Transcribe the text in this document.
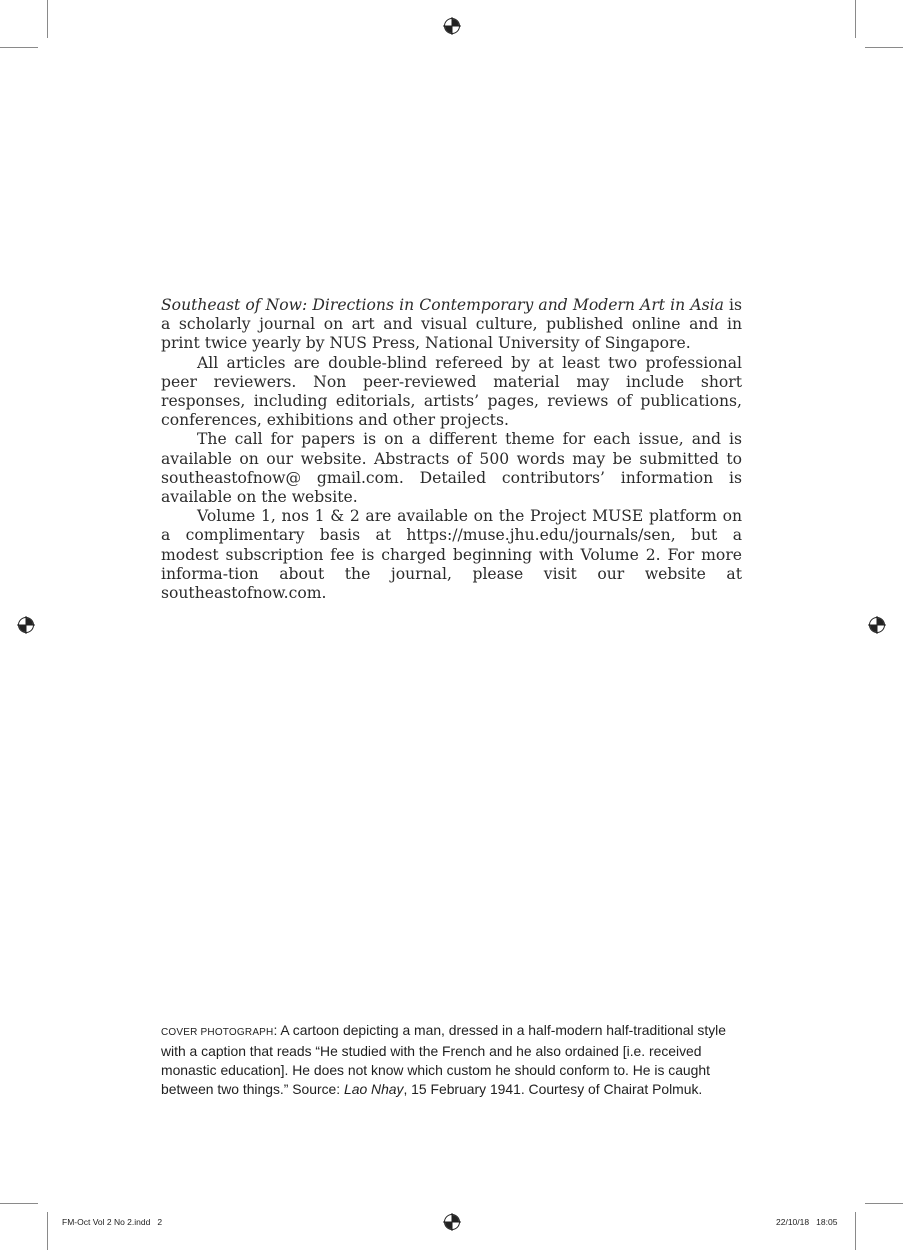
Southeast of Now: Directions in Contemporary and Modern Art in Asia is a scholarly journal on art and visual culture, published online and in print twice yearly by NUS Press, National University of Singapore.

All articles are double-blind refereed by at least two professional peer reviewers. Non peer-reviewed material may include short responses, including editorials, artists’ pages, reviews of publications, conferences, exhibitions and other projects.

The call for papers is on a different theme for each issue, and is available on our website. Abstracts of 500 words may be submitted to southeastofnow@ gmail.com. Detailed contributors’ information is available on the website.

Volume 1, nos 1 & 2 are available on the Project MUSE platform on a complimentary basis at https://muse.jhu.edu/journals/sen, but a modest subscription fee is charged beginning with Volume 2. For more informa-tion about the journal, please visit our website at southeastofnow.com.

COVER PHOTOGRAPH: A cartoon depicting a man, dressed in a half-modern half-traditional style with a caption that reads “He studied with the French and he also ordained [i.e. received monastic education]. He does not know which custom he should conform to. He is caught between two things.” Source: Lao Nhay, 15 February 1941. Courtesy of Chairat Polmuk.
FM-Oct Vol 2 No 2.indd   2	22/10/18   18:05
